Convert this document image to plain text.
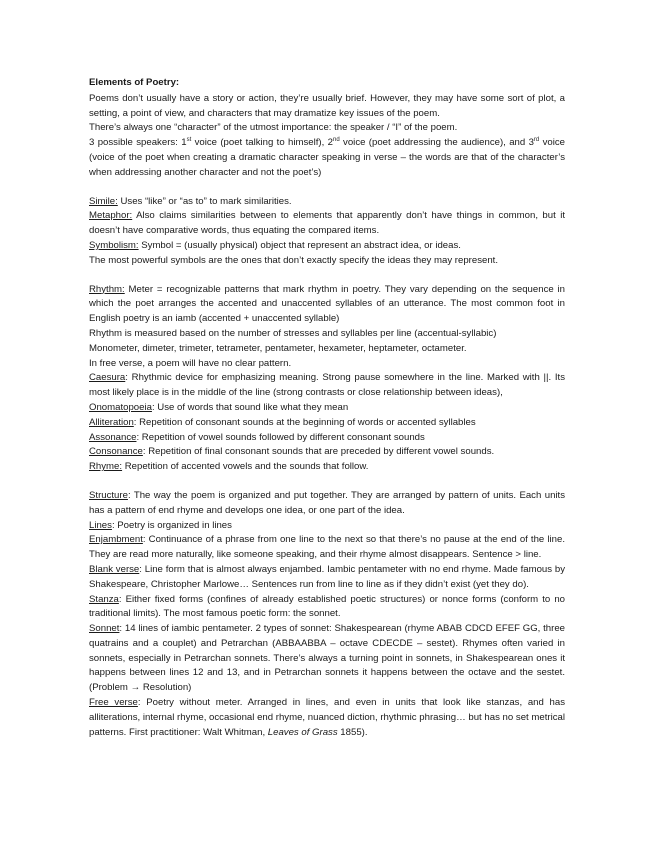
Elements of Poetry:

Poems don’t usually have a story or action, they’re usually brief. However, they may have some sort of plot, a setting, a point of view, and characters that may dramatize key issues of the poem.

There’s always one “character” of the utmost importance: the speaker / “I” of the poem.

3 possible speakers: 1st voice (poet talking to himself), 2nd voice (poet addressing the audience), and 3rd voice (voice of the poet when creating a dramatic character speaking in verse – the words are that of the character’s when addressing another character and not the poet’s)

Simile: Uses “like” or “as to” to mark similarities.

Metaphor: Also claims similarities between to elements that apparently don’t have things in common, but it doesn’t have comparative words, thus equating the compared items.

Symbolism: Symbol = (usually physical) object that represent an abstract idea, or ideas.

The most powerful symbols are the ones that don’t exactly specify the ideas they may represent.

Rhythm: Meter = recognizable patterns that mark rhythm in poetry. They vary depending on the sequence in which the poet arranges the accented and unaccented syllables of an utterance. The most common foot in English poetry is an iamb (accented + unaccented syllable)

Rhythm is measured based on the number of stresses and syllables per line (accentual-syllabic)

Monometer, dimeter, trimeter, tetrameter, pentameter, hexameter, heptameter, octameter.

In free verse, a poem will have no clear pattern.

Caesura: Rhythmic device for emphasizing meaning. Strong pause somewhere in the line. Marked with ||. Its most likely place is in the middle of the line (strong contrasts or close relationship between ideas),

Onomatopoeia: Use of words that sound like what they mean

Alliteration: Repetition of consonant sounds at the beginning of words or accented syllables

Assonance: Repetition of vowel sounds followed by different consonant sounds

Consonance: Repetition of final consonant sounds that are preceded by different vowel sounds.

Rhyme: Repetition of accented vowels and the sounds that follow.

Structure: The way the poem is organized and put together. They are arranged by pattern of units. Each units has a pattern of end rhyme and develops one idea, or one part of the idea.

Lines: Poetry is organized in lines

Enjambment: Continuance of a phrase from one line to the next so that there’s no pause at the end of the line. They are read more naturally, like someone speaking, and their rhyme almost disappears. Sentence > line.

Blank verse: Line form that is almost always enjambed. Iambic pentameter with no end rhyme. Made famous by Shakespeare, Christopher Marlowe… Sentences run from line to line as if they didn’t exist (yet they do).

Stanza: Either fixed forms (confines of already established poetic structures) or nonce forms (conform to no traditional limits). The most famous poetic form: the sonnet.

Sonnet: 14 lines of iambic pentameter. 2 types of sonnet: Shakespearean (rhyme ABAB CDCD EFEF GG, three quatrains and a couplet) and Petrarchan (ABBAABBA – octave CDECDE – sestet). Rhymes often varied in sonnets, especially in Petrarchan sonnets. There’s always a turning point in sonnets, in Shakespearean ones it happens between lines 12 and 13, and in Petrarchan sonnets it happens between the octave and the sestet. (Problem → Resolution)

Free verse: Poetry without meter. Arranged in lines, and even in units that look like stanzas, and has alliterations, internal rhyme, occasional end rhyme, nuanced diction, rhythmic phrasing… but has no set metrical patterns. First practitioner: Walt Whitman, Leaves of Grass 1855).
